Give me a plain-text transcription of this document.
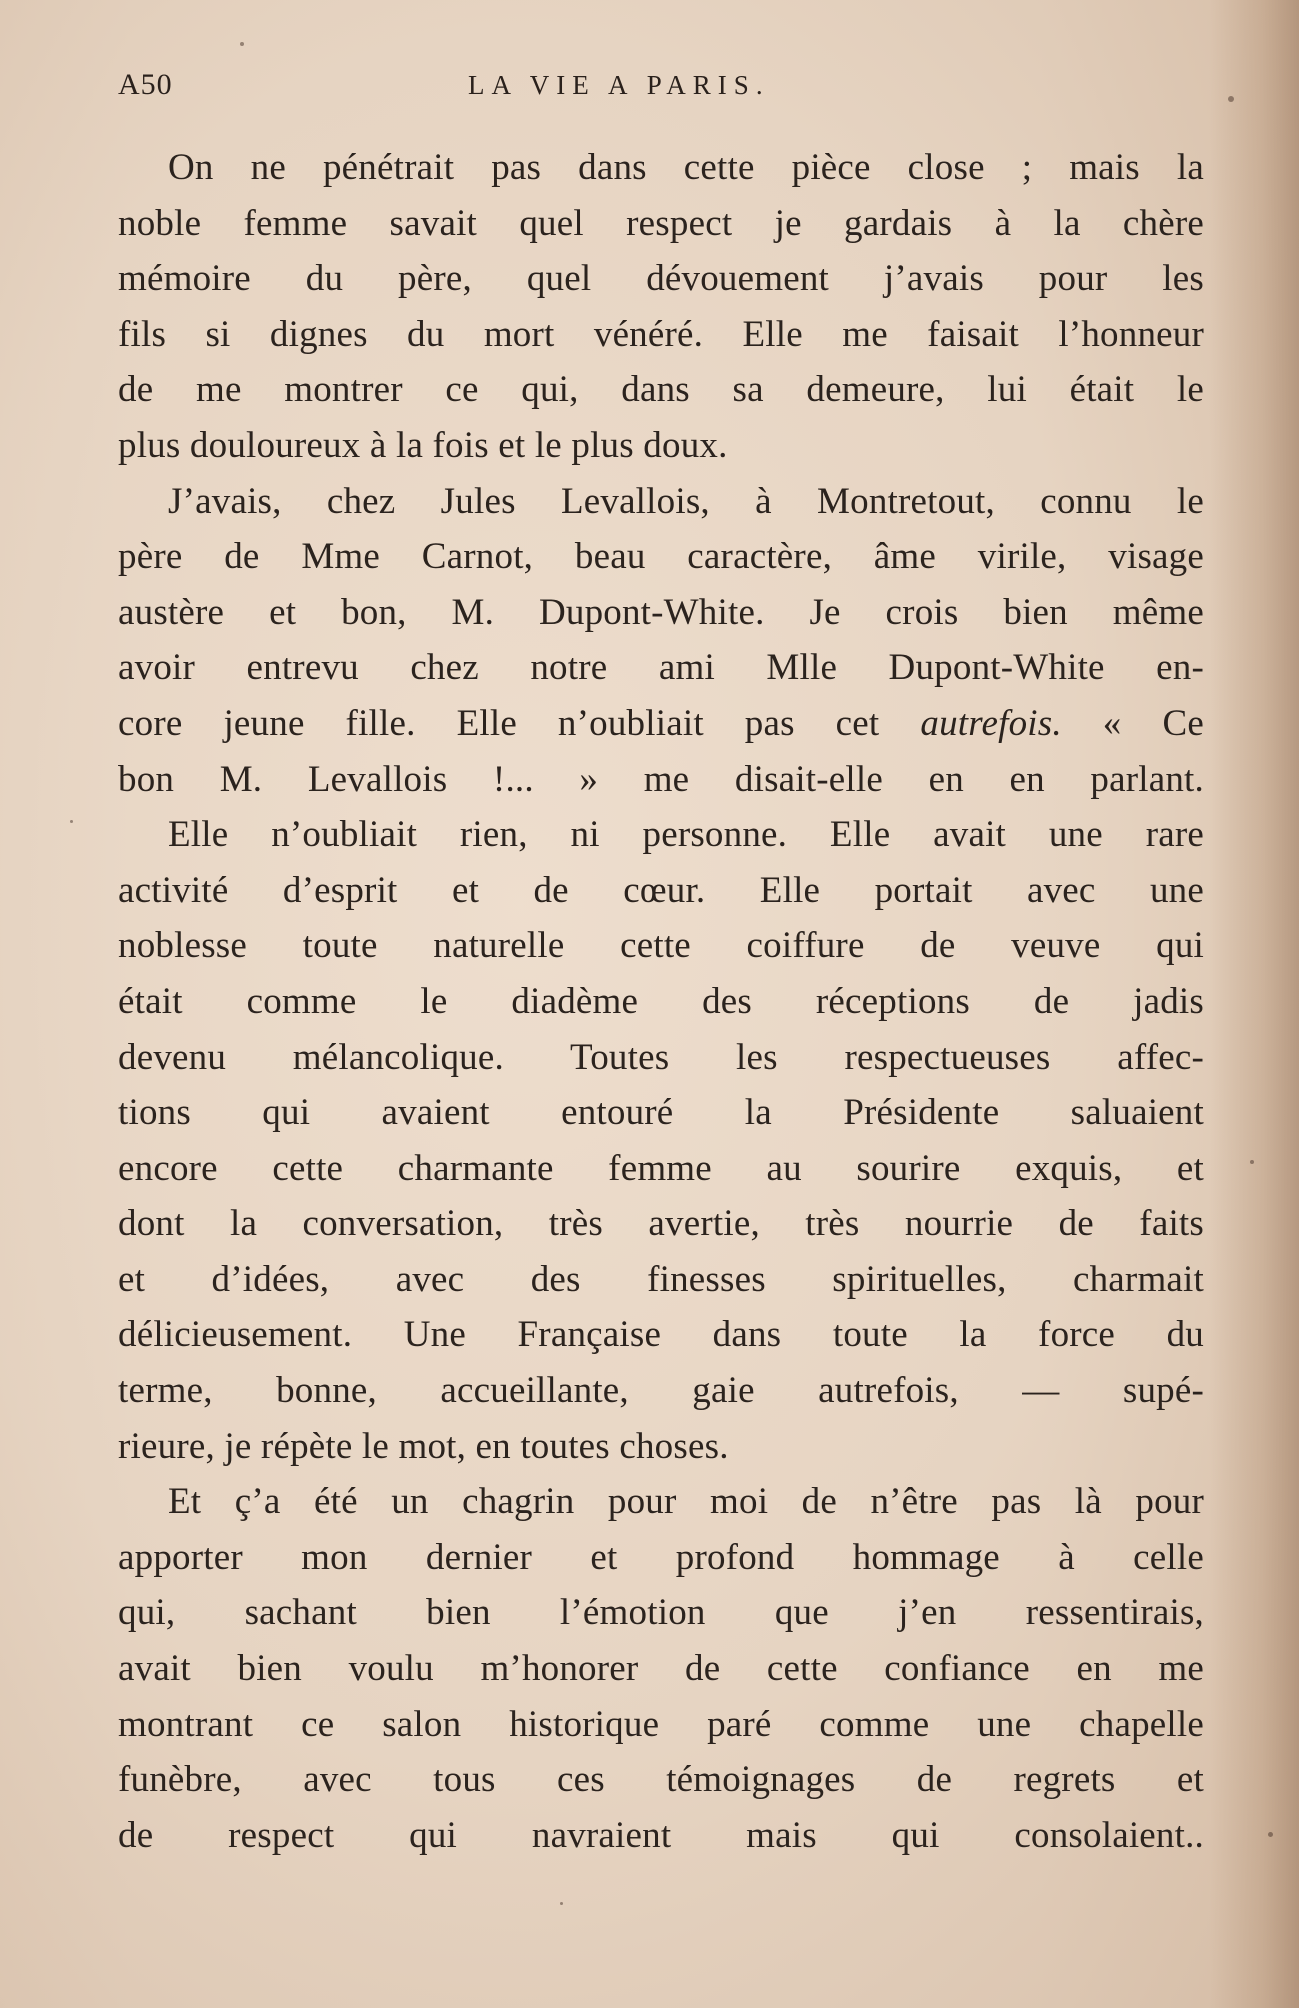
A50	LA VIE A PARIS.
On ne pénétrait pas dans cette pièce close ; mais la
noble femme savait quel respect je gardais à la chère
mémoire du père, quel dévouement j’avais pour les
fils si dignes du mort vénéré. Elle me faisait l’honneur
de me montrer ce qui, dans sa demeure, lui était le
plus douloureux à la fois et le plus doux.
J’avais, chez Jules Levallois, à Montretout, connu le
père de Mme Carnot, beau caractère, âme virile, visage
austère et bon, M. Dupont-White. Je crois bien même
avoir entrevu chez notre ami Mlle Dupont-White en-
core jeune fille. Elle n’oubliait pas cet autrefois. « Ce
bon M. Levallois !... » me disait-elle en en parlant.
Elle n’oubliait rien, ni personne. Elle avait une rare
activité d’esprit et de cœur. Elle portait avec une
noblesse toute naturelle cette coiffure de veuve qui
était comme le diadème des réceptions de jadis
devenu mélancolique. Toutes les respectueuses affec-
tions qui avaient entouré la Présidente saluaient
encore cette charmante femme au sourire exquis, et
dont la conversation, très avertie, très nourrie de faits
et d’idées, avec des finesses spirituelles, charmait
délicieusement. Une Française dans toute la force du
terme, bonne, accueillante, gaie autrefois, — supé-
rieure, je répète le mot, en toutes choses.
Et ç’a été un chagrin pour moi de n’être pas là pour
apporter mon dernier et profond hommage à celle
qui, sachant bien l’émotion que j’en ressentirais,
avait bien voulu m’honorer de cette confiance en me
montrant ce salon historique paré comme une chapelle
funèbre, avec tous ces témoignages de regrets et
de respect qui navraient mais qui consolaient..
